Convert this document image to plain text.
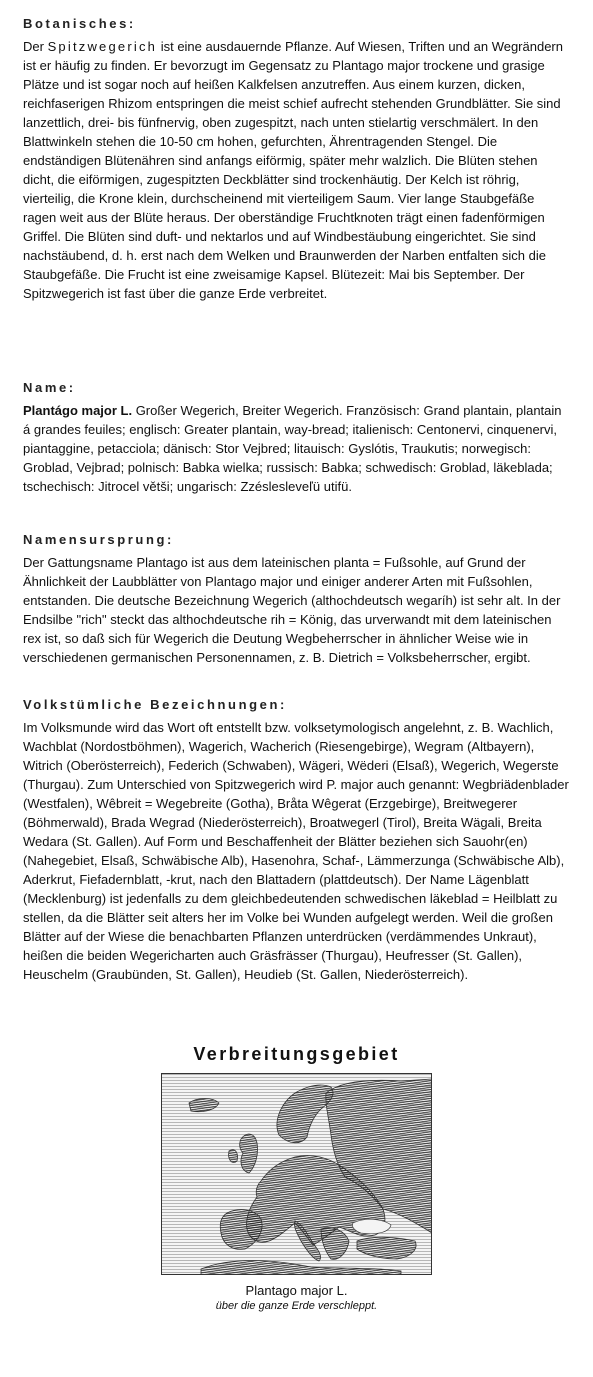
Botanisches:

Der Spitzwegerich ist eine ausdauernde Pflanze. Auf Wiesen, Triften und an Wegrändern ist er häufig zu finden. Er bevorzugt im Gegensatz zu Plantago major trockene und grasige Plätze und ist sogar noch auf heißen Kalkfelsen anzutreffen. Aus einem kurzen, dicken, reichfaserigen Rhizom entspringen die meist schief aufrecht stehenden Grundblätter. Sie sind lanzettlich, drei- bis fünfnervig, oben zugespitzt, nach unten stielartig verschmälert. In den Blattwinkeln stehen die 10-50 cm hohen, gefurchten, Ährentragenden Stengel. Die endständigen Blütenähren sind anfangs eiförmig, später mehr walzlich. Die Blüten stehen dicht, die eiförmigen, zugespitzten Deckblätter sind trockenhäutig. Der Kelch ist röhrig, vierteilig, die Krone klein, durchscheinend mit vierteiligem Saum. Vier lange Staubgefäße ragen weit aus der Blüte heraus. Der oberständige Fruchtknoten trägt einen fadenförmigen Griffel. Die Blüten sind duft- und nektarlos und auf Windbestäubung eingerichtet. Sie sind nachstäubend, d. h. erst nach dem Welken und Braunwerden der Narben entfalten sich die Staubgefäße. Die Frucht ist eine zweisamige Kapsel. Blütezeit: Mai bis September. Der Spitzwegerich ist fast über die ganze Erde verbreitet.

Name:

Plantágo major L. Großer Wegerich, Breiter Wegerich. Französisch: Grand plantain, plantain á grandes feuiles; englisch: Greater plantain, way-bread; italienisch: Centonervi, cinquenervi, piantaggine, petacciola; dänisch: Stor Vejbred; litauisch: Gyslótis, Traukutis; norwegisch: Groblad, Vejbrad; polnisch: Babka wielka; russisch: Babka; schwedisch: Groblad, läkeblada; tschechisch: Jitrocel větši; ungarisch: Zzéslesleveľü utifü.

Namensursprung:

Der Gattungsname Plantago ist aus dem lateinischen planta = Fußsohle, auf Grund der Ähnlichkeit der Laubblätter von Plantago major und einiger anderer Arten mit Fußsohlen, entstanden. Die deutsche Bezeichnung Wegerich (althochdeutsch wegaríh) ist sehr alt. In der Endsilbe "rich" steckt das althochdeutsche rih = König, das urverwandt mit dem lateinischen rex ist, so daß sich für Wegerich die Deutung Wegbeherrscher in ähnlicher Weise wie in verschiedenen germanischen Personennamen, z. B. Dietrich = Volksbeherrscher, ergibt.

Volkstümliche Bezeichnungen:

Im Volksmunde wird das Wort oft entstellt bzw. volksetymologisch angelehnt, z. B. Wachlich, Wachblat (Nordostböhmen), Wagerich, Wacherich (Riesengebirge), Wegram (Altbayern), Witrich (Oberösterreich), Federich (Schwaben), Wägeri, Wëderi (Elsaß), Wegerich, Wegerste (Thurgau). Zum Unterschied von Spitzwegerich wird P. major auch genannt: Wegbriädenblader (Westfalen), Wêbreit = Wegebreite (Gotha), Bråta Wêgerat (Erzgebirge), Breitwegerer (Böhmerwald), Brada Wegrad (Niederösterreich), Broatwegerl (Tirol), Breita Wägali, Breita Wedara (St. Gallen). Auf Form und Beschaffenheit der Blätter beziehen sich Sauohr(en) (Nahegebiet, Elsaß, Schwäbische Alb), Hasenohra, Schaf-, Lämmerzunga (Schwäbische Alb), Aderkrut, Fiefadernblatt, -krut, nach den Blattadern (plattdeutsch). Der Name Lägenblatt (Mecklenburg) ist jedenfalls zu dem gleichbedeutenden schwedischen läkeblad = Heilblatt zu stellen, da die Blätter seit alters her im Volke bei Wunden aufgelegt werden. Weil die großen Blätter auf der Wiese die benachbarten Pflanzen unterdrücken (verdämmendes Unkraut), heißen die beiden Wegericharten auch Gräsfrässer (Thurgau), Heufresser (St. Gallen), Heuschelm (Graubünden, St. Gallen), Heudieb (St. Gallen, Niederösterreich).

Verbreitungsgebiet
Plantago major L.
über die ganze Erde verschleppt.
